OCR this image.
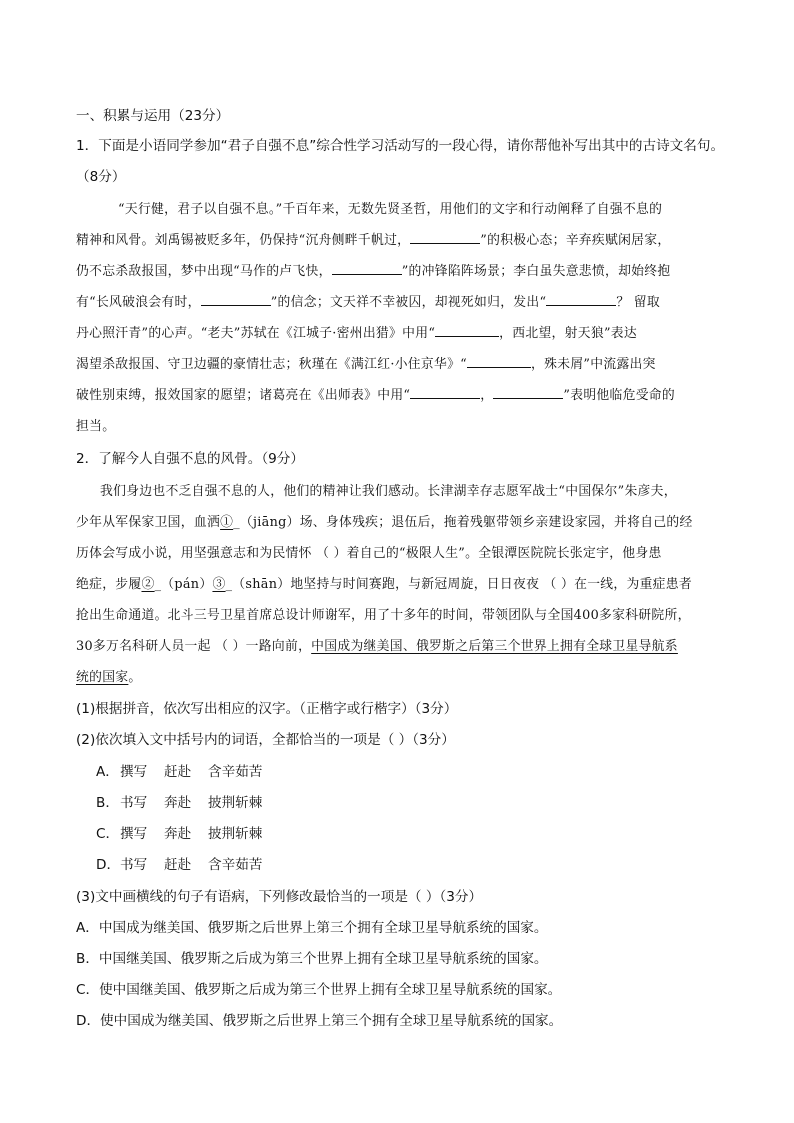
一、积累与运用（23分）
1．下面是小语同学参加“君子自强不息”综合性学习活动写的一段心得，请你帮他补写出其中的古诗文名句。
（8分）
“天行健，君子以自强不息。”千百年来，无数先贤圣哲，用他们的文字和行动阐释了自强不息的
精神和风骨。刘禹锡被贬多年，仍保持“沉舟侧畔千帆过，	”的积极心态；辛弃疾赋闲居家，
仍不忘杀敌报国，梦中出现“马作的卢飞快，	”的冲锋陷阵场景；李白虽失意悲愤，却始终抱
有“长风破浪会有时，	”的信念；文天祥不幸被囚，却视死如归，发出“	？ 留取
丹心照汗青”的心声。“老夫”苏轼在《江城子·密州出猎》中用“	，西北望，射天狼”表达
渴望杀敌报国、守卫边疆的豪情壮志；秋瑾在《满江红·小住京华》“	，殊未屑”中流露出突
破性别束缚，报效国家的愿望；诸葛亮在《出师表》中用“	，	”表明他临危受命的
担当。
2．了解今人自强不息的风骨。（9分）
我们身边也不乏自强不息的人，他们的精神让我们感动。长津湖幸存志愿军战士“中国保尔”朱彦夫，
少年从军保家卫国，血洒①_（jiāng）场、身体残疾；退伍后，拖着残躯带领乡亲建设家园，并将自己的经
历体会写成小说，用坚强意志和为民情怀 （ ）着自己的“极限人生”。全银潭医院院长张定宇，他身患
绝症，步履②_（pán）③_（shān）地坚持与时间赛跑，与新冠周旋，日日夜夜 （ ）在一线，为重症患者
抢出生命通道。北斗三号卫星首席总设计师谢军，用了十多年的时间，带领团队与全国400多家科研院所，
30多万名科研人员一起 （ ）一路向前，中国成为继美国、俄罗斯之后第三个世界上拥有全球卫星导航系
统的国家。
(1)根据拼音，依次写出相应的汉字。（正楷字或行楷字）（3分）
(2)依次填入文中括号内的词语，全都恰当的一项是（ ）（3分）
A．撰写 赶赴 含辛茹苦
B．书写 奔赴 披荆斩棘
C．撰写 奔赴 披荆斩棘
D．书写 赶赴 含辛茹苦
(3)文中画横线的句子有语病，下列修改最恰当的一项是（ ）（3分）
A．中国成为继美国、俄罗斯之后世界上第三个拥有全球卫星导航系统的国家。
B．中国继美国、俄罗斯之后成为第三个世界上拥有全球卫星导航系统的国家。
C．使中国继美国、俄罗斯之后成为第三个世界上拥有全球卫星导航系统的国家。
D．使中国成为继美国、俄罗斯之后世界上第三个拥有全球卫星导航系统的国家。
